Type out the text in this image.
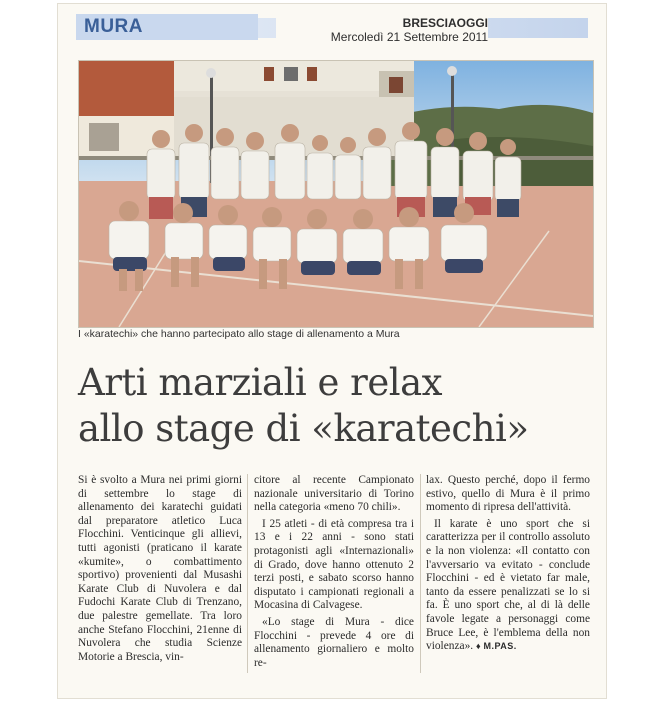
MURA	BRESCIAOGGI
Mercoledì 21 Settembre 2011
I «karatechi» che hanno partecipato allo stage di allenamento a Mura
Arti marziali e relax
allo stage di «karatechi»

Si è svolto a Mura nei primi giorni di settembre lo stage di allenamento dei karatechi guidati dal preparatore atletico Luca Flocchini. Venticinque gli allievi, tutti agonisti (praticano il karate «kumite», o combattimento sportivo) provenienti dal Musashi Karate Club di Nuvolera e dal Fudochi Karate Club di Trenzano, due palestre gemellate. Tra loro anche Stefano Flocchini, 21enne di Nuvolera che studia Scienze Motorie a Brescia, vin-

citore al recente Campionato nazionale universitario di Torino nella categoria «meno 70 chili».

I 25 atleti - di età compresa tra i 13 e i 22 anni - sono stati protagonisti agli «Internazionali» di Grado, dove hanno ottenuto 2 terzi posti, e sabato scorso hanno disputato i campionati regionali a Mocasina di Calvagese.

«Lo stage di Mura - dice Flocchini - prevede 4 ore di allenamento giornaliero e molto re-

lax. Questo perché, dopo il fermo estivo, quello di Mura è il primo momento di ripresa dell'attività.

Il karate è uno sport che si caratterizza per il controllo assoluto e la non violenza: «Il contatto con l'avversario va evitato - conclude Flocchini - ed è vietato far male, tanto da essere penalizzati se lo si fa. È uno sport che, al di là delle favole legate a personaggi come Bruce Lee, è l'emblema della non violenza». ♦ M.PAS.
